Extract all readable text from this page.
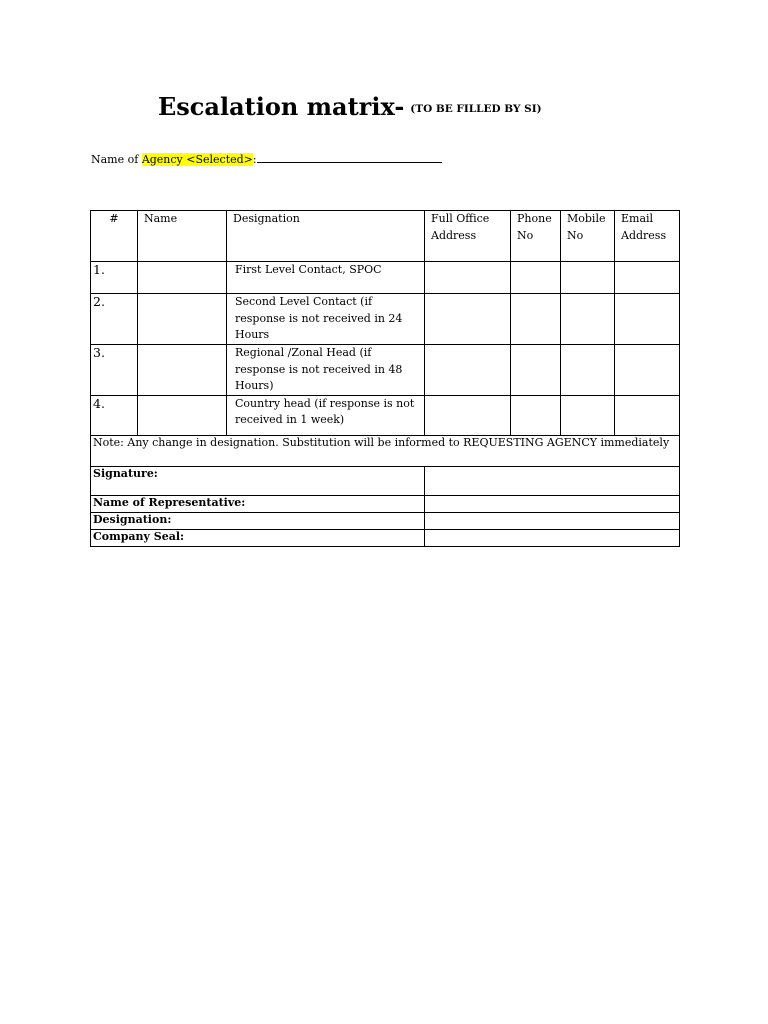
Escalation matrix- $^{(TO BE FILLED BY SI)}$
Name of Agency <Selected>:
#	Name	Designation	Full Office Address	Phone No	Mobile No	Email Address
1.		First Level Contact, SPOC				
2.		Second Level Contact (if response is not received in 24 Hours				
3.		Regional /Zonal Head (if response is not received in 48 Hours)				
4.		Country head (if response is not received in 1 week)				
Note: Any change in designation. Substitution will be informed to REQUESTING AGENCY immediately						
Signature:						
Name of Representative:						
Designation:						
Company Seal:						
